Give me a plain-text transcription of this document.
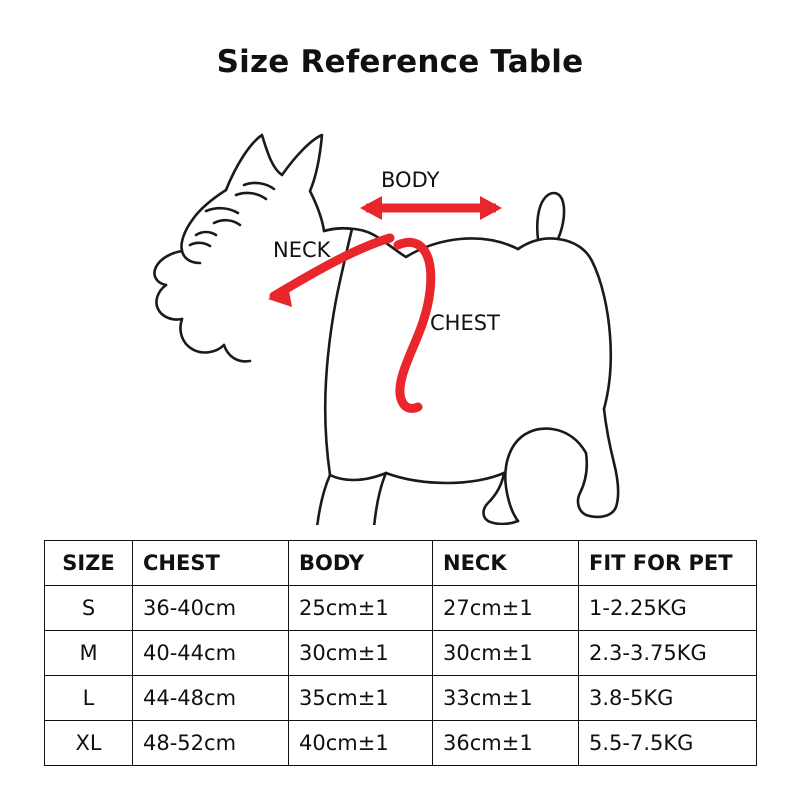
Size Reference Table
BODY
NECK
CHEST
SIZE	CHEST	BODY	NECK	FIT FOR PET
S	36-40cm	25cm±1	27cm±1	1-2.25KG
M	40-44cm	30cm±1	30cm±1	2.3-3.75KG
L	44-48cm	35cm±1	33cm±1	3.8-5KG
XL	48-52cm	40cm±1	36cm±1	5.5-7.5KG
